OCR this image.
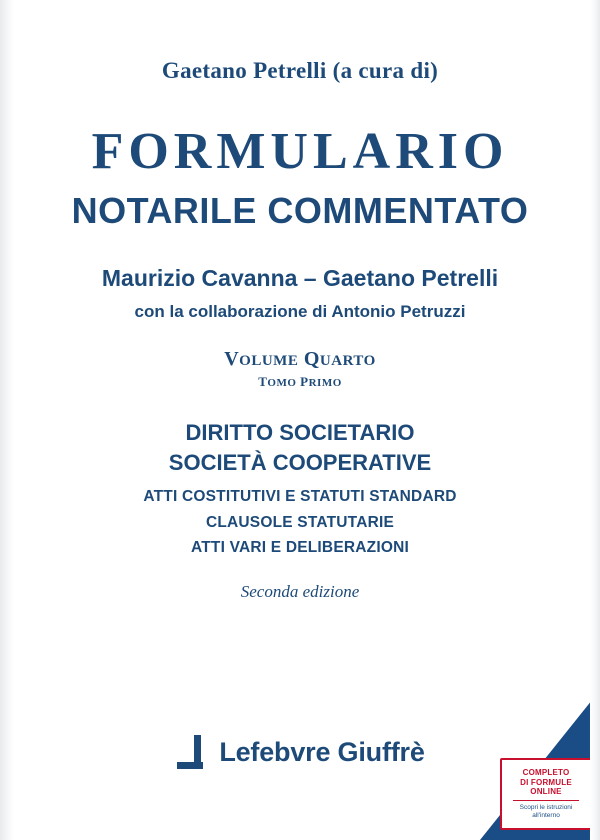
Gaetano Petrelli (a cura di)
FORMULARIO
NOTARILE COMMENTATO
Maurizio Cavanna – Gaetano Petrelli
con la collaborazione di Antonio Petruzzi
VOLUME QUARTO
TOMO PRIMO
DIRITTO SOCIETARIO
SOCIETÀ COOPERATIVE
ATTI COSTITUTIVI E STATUTI STANDARD
CLAUSOLE STATUTARIE
ATTI VARI E DELIBERAZIONI
Seconda edizione
Lefebvre Giuffrè
COMPLETO
DI FORMULE ONLINE
Scopri le istruzioni
all'interno
